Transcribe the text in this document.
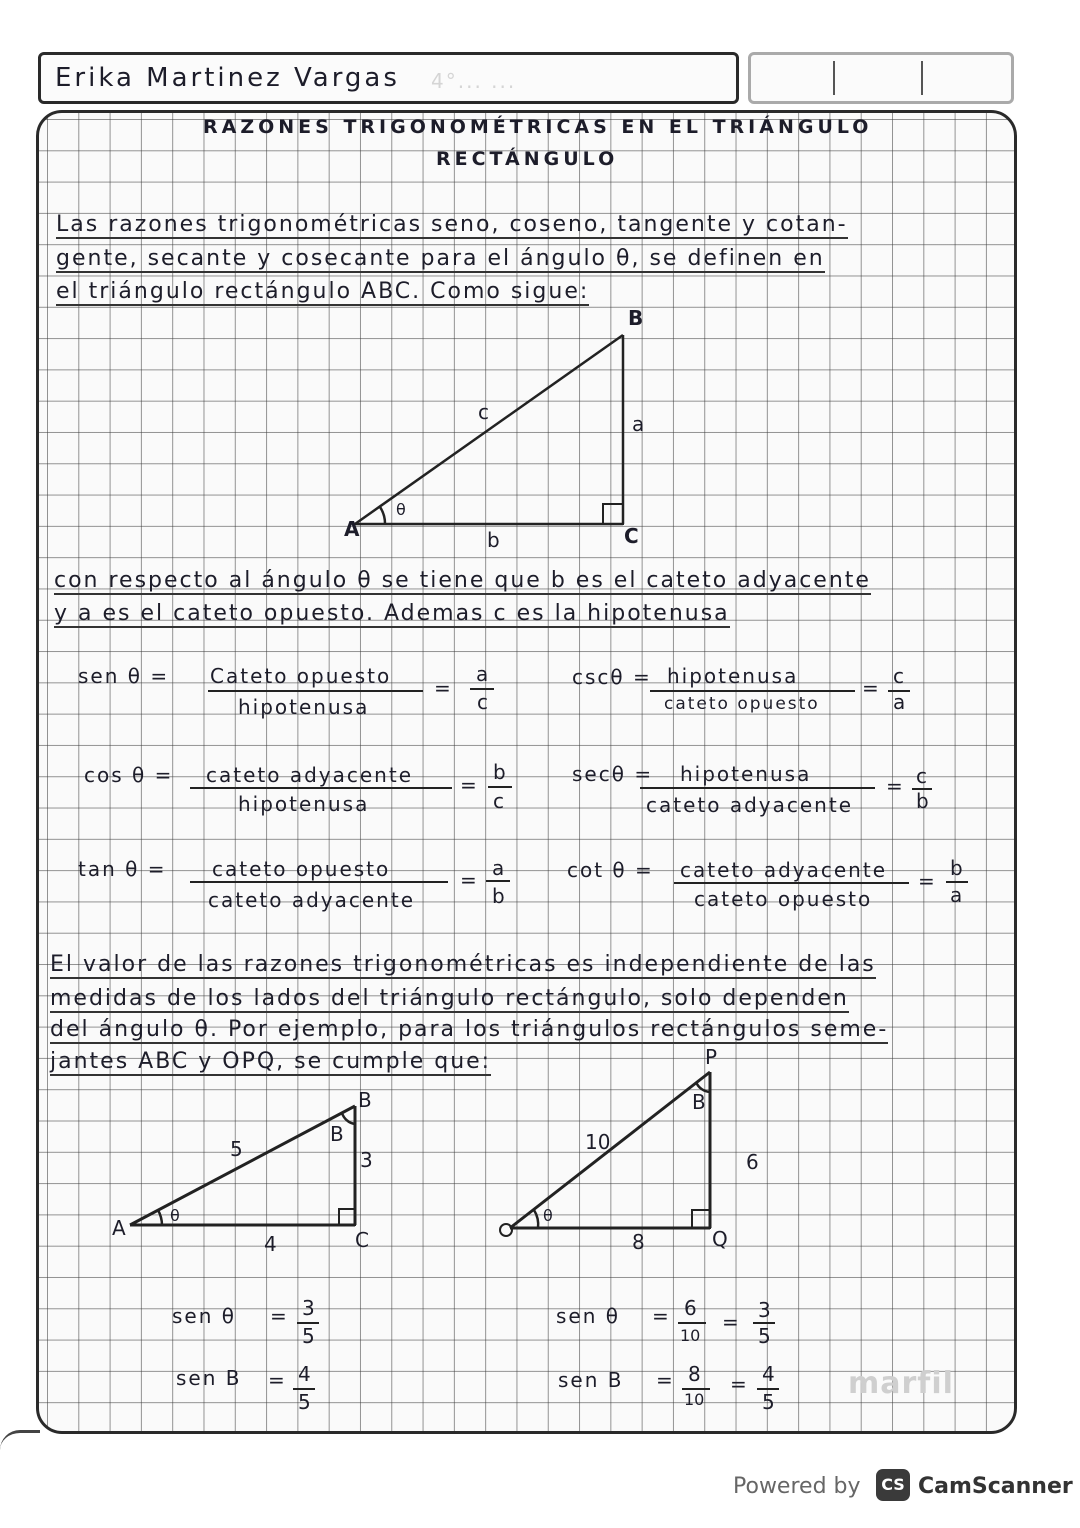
Erika Martinez Vargas 4°... ...
RAZONES TRIGONOMÉTRICAS EN EL TRIÁNGULO
RECTÁNGULO
Las razones trigonométricas seno, coseno, tangente y cotan-
gente, secante y cosecante para el ángulo θ, se definen en
el triángulo rectángulo ABC. Como sigue:
B
A	C
a
b
c
θ
con respecto al ángulo θ se tiene que b es el cateto adyacente
y a es el cateto opuesto. Ademas c es la hipotenusa
sen θ = Cateto opuesto
hipotenusa
=
a
c
cscθ = hipotenusa
cateto opuesto
= c
a
cos θ = cateto adyacente
hipotenusa
=
b
c
secθ = hipotenusa
cateto adyacente
= c
b
tan θ = cateto opuesto
cateto adyacente
= a
b
cot θ = cateto adyacente
cateto opuesto
=
b
a
El valor de las razones trigonométricas es independiente de las
medidas de los lados del triángulo rectángulo, solo dependen
del ángulo θ. Por ejemplo, para los triángulos rectángulos seme-
jantes ABC y OPQ, se cumple que:
A
B
C
B
θ
5	3
4
P
Q
B
θ
10
6
8
sen θ = 3
5
sen B = 4
5
sen θ = 6
10
= 3
5
sen B = 8
10
= 4
5
marfil
Powered by	CS CamScanner
